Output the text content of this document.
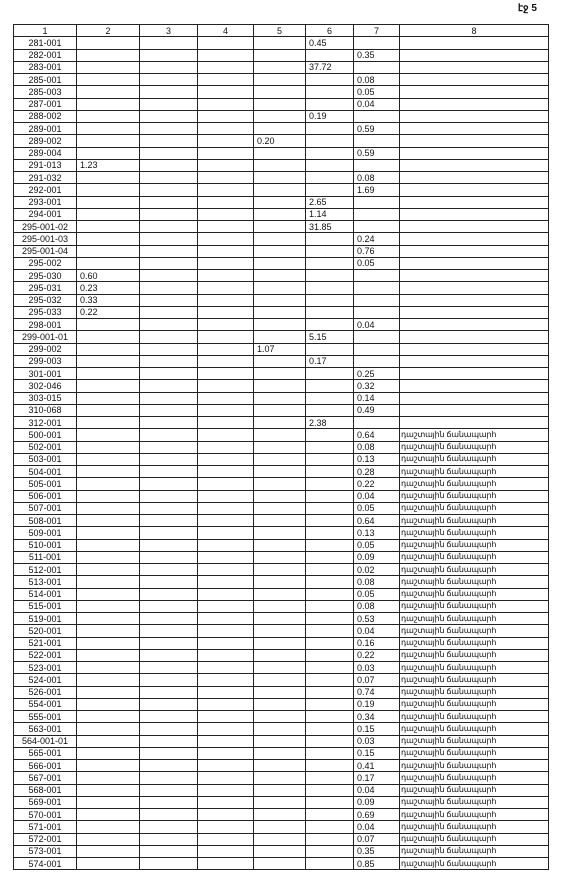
էջ 5
1	2	3	4	5	6	7	8
281-001					0.45		
282-001						0.35	
283-001					37.72		
285-001						0.08	
285-003						0.05	
287-001						0.04	
288-002					0.19		
289-001						0.59	
289-002				0.20			
289-004						0.59	
291-013	1.23						
291-032						0.08	
292-001						1.69	
293-001					2.65		
294-001					1.14		
295-001-02					31.85		
295-001-03						0.24	
295-001-04						0.76	
295-002						0.05	
295-030	0.60						
295-031	0.23						
295-032	0.33						
295-033	0.22						
298-001						0.04	
299-001-01					5.15		
299-002				1.07			
299-003					0.17		
301-001						0.25	
302-046						0.32	
303-015						0.14	
310-068						0.49	
312-001					2.38		
500-001						0.64	դաշտային ճանապարհ
502-001						0.08	դաշտային ճանապարհ
503-001						0.13	դաշտային ճանապարհ
504-001						0.28	դաշտային ճանապարհ
505-001						0.22	դաշտային ճանապարհ
506-001						0.04	դաշտային ճանապարհ
507-001						0.05	դաշտային ճանապարհ
508-001						0.64	դաշտային ճանապարհ
509-001						0.13	դաշտային ճանապարհ
510-001						0.05	դաշտային ճանապարհ
511-001						0.09	դաշտային ճանապարհ
512-001						0.02	դաշտային ճանապարհ
513-001						0.08	դաշտային ճանապարհ
514-001						0.05	դաշտային ճանապարհ
515-001						0.08	դաշտային ճանապարհ
519-001						0.53	դաշտային ճանապարհ
520-001						0.04	դաշտային ճանապարհ
521-001						0.16	դաշտային ճանապարհ
522-001						0.22	դաշտային ճանապարհ
523-001						0.03	դաշտային ճանապարհ
524-001						0.07	դաշտային ճանապարհ
526-001						0.74	դաշտային ճանապարհ
554-001						0.19	դաշտային ճանապարհ
555-001						0.34	դաշտային ճանապարհ
563-001						0.15	դաշտային ճանապարհ
564-001-01						0.03	դաշտային ճանապարհ
565-001						0.15	դաշտային ճանապարհ
566-001						0.41	դաշտային ճանապարհ
567-001						0.17	դաշտային ճանապարհ
568-001						0.04	դաշտային ճանապարհ
569-001						0.09	դաշտային ճանապարհ
570-001						0.69	դաշտային ճանապարհ
571-001						0.04	դաշտային ճանապարհ
572-001						0.07	դաշտային ճանապարհ
573-001						0.35	դաշտային ճանապարհ
574-001						0.85	դաշտային ճանապարհ
